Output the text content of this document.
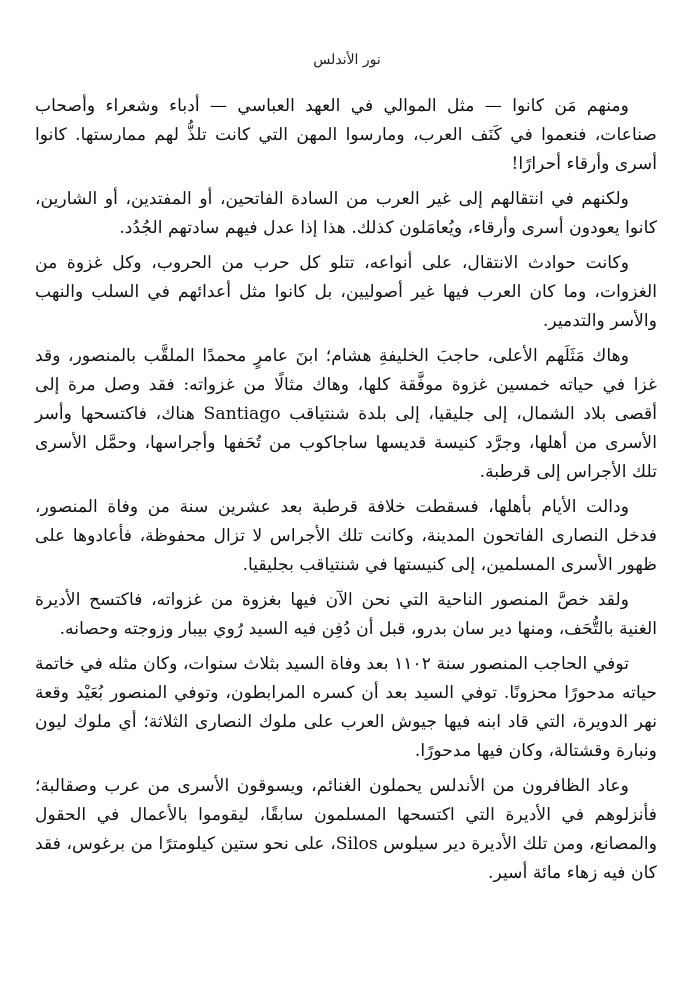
نور الأندلس

ومنهم مَن كانوا — مثل الموالي في العهد العباسي — أدباء وشعراء وأصحاب صناعات، فنعموا في كَنَف العرب، ومارسوا المهن التي كانت تلذُّ لهم ممارستها. كانوا أسرى وأرقاء أحرارًا!

ولكنهم في انتقالهم إلى غير العرب من السادة الفاتحين، أو المفتدين، أو الشارين، كانوا يعودون أسرى وأرقاء، ويُعامَلون كذلك. هذا إذا عدل فيهم سادتهم الجُدُد.

وكانت حوادث الانتقال، على أنواعه، تتلو كل حرب من الحروب، وكل غزوة من الغزوات، وما كان العرب فيها غير أصوليين، بل كانوا مثل أعدائهم في السلب والنهب والأسر والتدمير.

وهاك مَثَلَهم الأعلى، حاجبَ الخليفةِ هشام؛ ابنَ عامرٍ محمدًا الملقَّب بالمنصور، وقد غزا في حياته خمسين غزوة موفَّقة كلها، وهاك مثالًا من غزواته: فقد وصل مرة إلى أقصى بلاد الشمال، إلى جليقيا، إلى بلدة شنتياقب Santiago هناك، فاكتسحها وأسر الأسرى من أهلها، وجرَّد كنيسة قديسها ساجاكوب من تُحَفها وأجراسها، وحمَّل الأسرى تلك الأجراس إلى قرطبة.

ودالت الأيام بأهلها، فسقطت خلافة قرطبة بعد عشرين سنة من وفاة المنصور، فدخل النصارى الفاتحون المدينة، وكانت تلك الأجراس لا تزال محفوظة، فأعادوها على ظهور الأسرى المسلمين، إلى كنيستها في شنتياقب بجليقيا.

ولقد خصَّ المنصور الناحية التي نحن الآن فيها بغزوة من غزواته، فاكتسح الأديرة الغنية بالتُّحَف، ومنها دير سان بدرو، قبل أن دُفِن فيه السيد رُوي بيبار وزوجته وحصانه.

توفي الحاجب المنصور سنة ١١٠٢ بعد وفاة السيد بثلاث سنوات، وكان مثله في خاتمة حياته مدحورًا محزونًا. توفي السيد بعد أن كسره المرابطون، وتوفي المنصور بُعَيْد وقعة نهر الدويرة، التي قاد ابنه فيها جيوش العرب على ملوك النصارى الثلاثة؛ أي ملوك ليون ونبارة وقشتالة، وكان فيها مدحورًا.

وعاد الظافرون من الأندلس يحملون الغنائم، ويسوقون الأسرى من عرب وصقالبة؛ فأنزلوهم في الأديرة التي اكتسحها المسلمون سابقًا، ليقوموا بالأعمال في الحقول والمصانع، ومن تلك الأديرة دير سيلوس Silos، على نحو ستين كيلومترًا من برغوس، فقد كان فيه زهاء مائة أسير.
